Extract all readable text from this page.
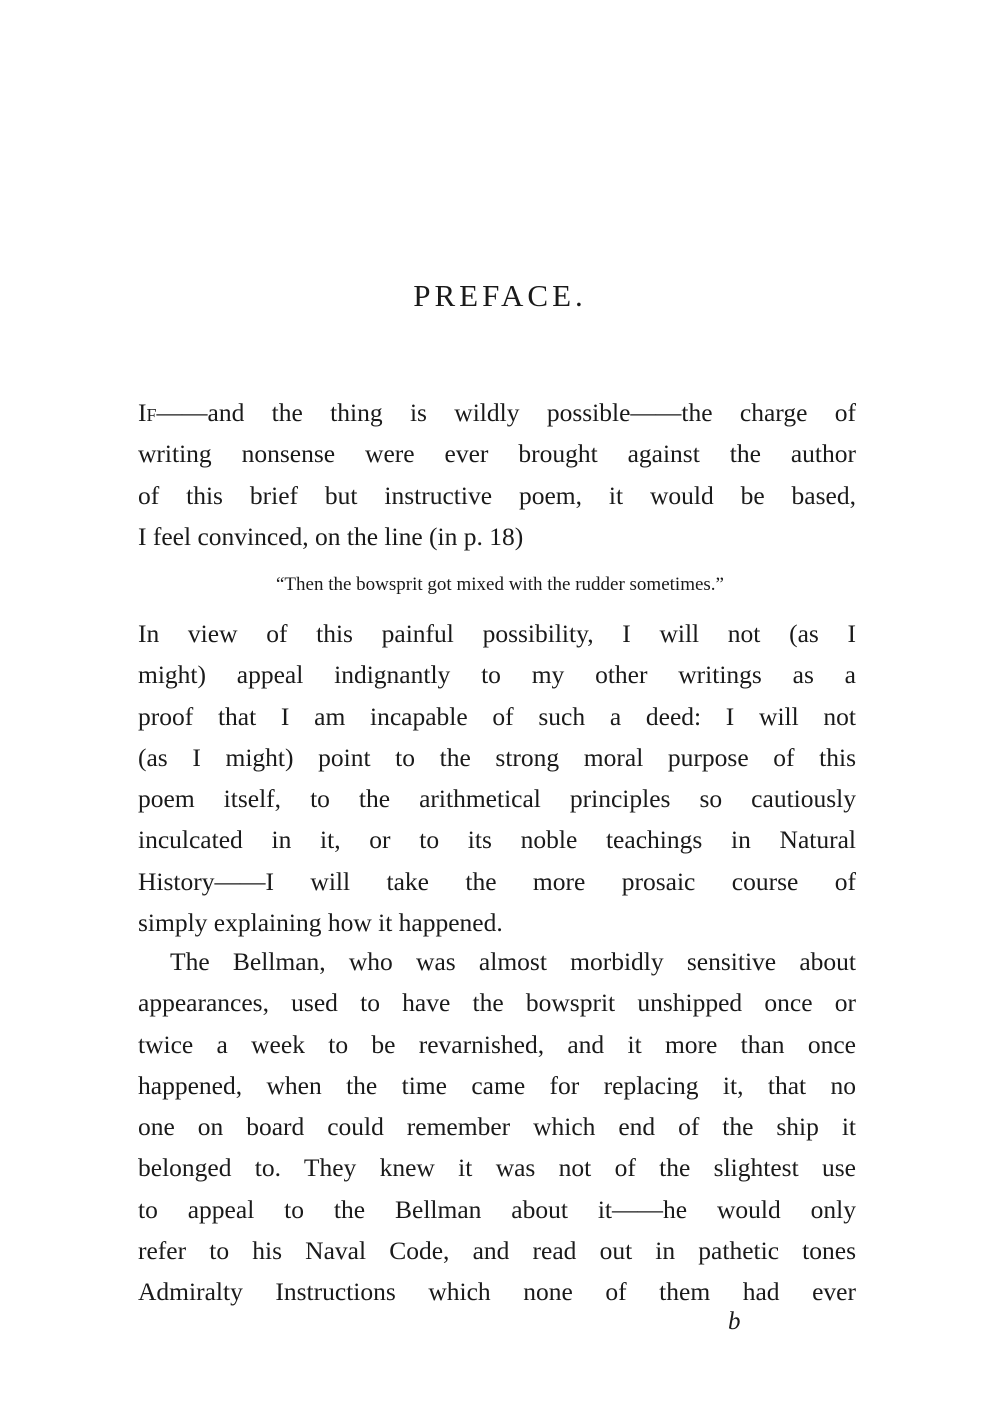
PREFACE.
If——and the thing is wildly possible——the charge of
writing nonsense were ever brought against the author
of this brief but instructive poem, it would be based,
I feel convinced, on the line (in p. 18)
“Then the bowsprit got mixed with the rudder sometimes.”
In view of this painful possibility, I will not (as I
might) appeal indignantly to my other writings as a
proof that I am incapable of such a deed: I will not
(as I might) point to the strong moral purpose of this
poem itself, to the arithmetical principles so cautiously
inculcated in it, or to its noble teachings in Natural
History——I will take the more prosaic course of
simply explaining how it happened.
The Bellman, who was almost morbidly sensitive about
appearances, used to have the bowsprit unshipped once or
twice a week to be revarnished, and it more than once
happened, when the time came for replacing it, that no
one on board could remember which end of the ship it
belonged to. They knew it was not of the slightest use
to appeal to the Bellman about it——he would only
refer to his Naval Code, and read out in pathetic tones
Admiralty Instructions which none of them had ever
b
